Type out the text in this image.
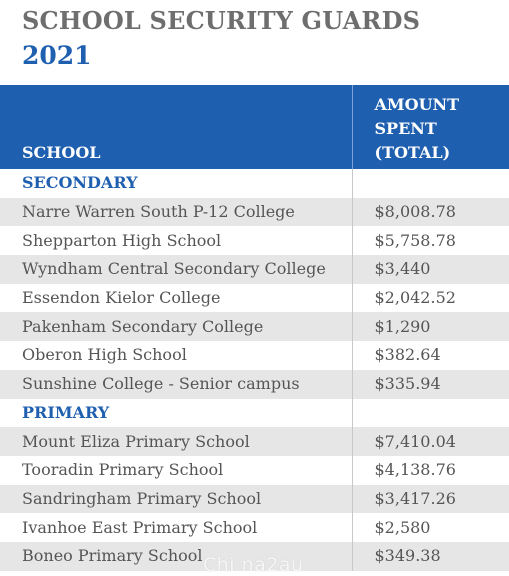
SCHOOL SECURITY GUARDS
2021
SCHOOL	AMOUNT
SPENT
(TOTAL)

SECONDARY	
Narre Warren South P-12 College	$8,008.78
Shepparton High School	$5,758.78
Wyndham Central Secondary College	$3,440
Essendon Kielor College	$2,042.52
Pakenham Secondary College	$1,290
Oberon High School	$382.64
Sunshine College - Senior campus	$335.94
PRIMARY	
Mount Eliza Primary School	$7,410.04
Tooradin Primary School	$4,138.76
Sandringham Primary School	$3,417.26
Ivanhoe East Primary School	$2,580
Boneo Primary School	$349.38
Chi na2au
